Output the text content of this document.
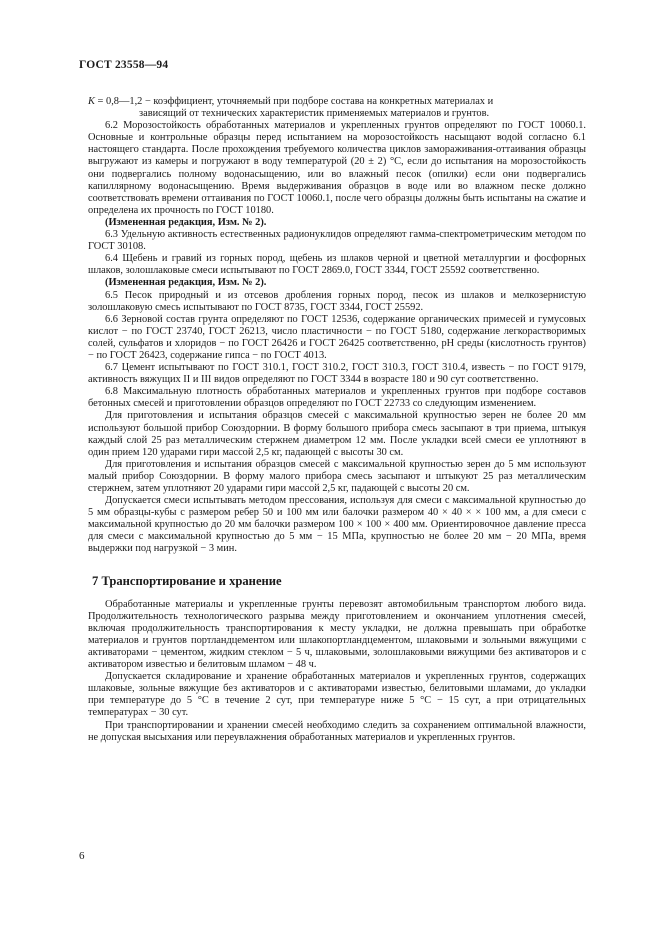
ГОСТ 23558—94

K = 0,8—1,2 − коэффициент, уточняемый при подборе состава на конкретных материалах и

зависящий от технических характеристик применяемых материалов и грунтов.

6.2 Морозостойкость обработанных материалов и укрепленных грунтов определяют по ГОСТ 10060.1. Основные и контрольные образцы перед испытанием на морозостойкость насыщают водой согласно 6.1 настоящего стандарта. После прохождения требуемого количества циклов замораживания-оттаивания образцы выгружают из камеры и погружают в воду температурой (20 ± 2) °С, если до испытания на морозостойкость они подвергались полному водонасыщению, или во влажный песок (опилки) если они подвергались капиллярному водонасыщению. Время выдерживания образцов в воде или во влажном песке должно соответствовать времени оттаивания по ГОСТ 10060.1, после чего образцы должны быть испытаны на сжатие и определена их прочность по ГОСТ 10180.

(Измененная редакция, Изм. № 2).

6.3 Удельную активность естественных радионуклидов определяют гамма-спектрометрическим методом по ГОСТ 30108.

6.4 Щебень и гравий из горных пород, щебень из шлаков черной и цветной металлургии и фосфорных шлаков, золошлаковые смеси испытывают по ГОСТ 2869.0, ГОСТ 3344, ГОСТ 25592 соответственно.

(Измененная редакция, Изм. № 2).

6.5 Песок природный и из отсевов дробления горных пород, песок из шлаков и мелкозернистую золошлаковую смесь испытывают по ГОСТ 8735, ГОСТ 3344, ГОСТ 25592.

6.6 Зерновой состав грунта определяют по ГОСТ 12536, содержание органических примесей и гумусовых кислот − по ГОСТ 23740, ГОСТ 26213, число пластичности − по ГОСТ 5180, содержание легкорастворимых солей, сульфатов и хлоридов − по ГОСТ 26426 и ГОСТ 26425 соответственно, рН среды (кислотность грунтов) − по ГОСТ 26423, содержание гипса − по ГОСТ 4013.

6.7 Цемент испытывают по ГОСТ 310.1, ГОСТ 310.2, ГОСТ 310.3, ГОСТ 310.4, известь − по ГОСТ 9179, активность вяжущих II и III видов определяют по ГОСТ 3344 в возрасте 180 и 90 сут соответственно.

6.8 Максимальную плотность обработанных материалов и укрепленных грунтов при подборе составов бетонных смесей и приготовлении образцов определяют по ГОСТ 22733 со следующим изменением.

Для приготовления и испытания образцов смесей с максимальной крупностью зерен не более 20 мм используют большой прибор Союздорнии. В форму большого прибора смесь засыпают в три приема, штыкуя каждый слой 25 раз металлическим стержнем диаметром 12 мм. После укладки всей смеси ее уплотняют в один прием 120 ударами гири массой 2,5 кг, падающей с высоты 30 см.

Для приготовления и испытания образцов смесей с максимальной крупностью зерен до 5 мм используют малый прибор Союздорнии. В форму малого прибора смесь засыпают и штыкуют 25 раз металлическим стержнем, затем уплотняют 20 ударами гири массой 2,5 кг, падающей с высоты 20 см.

Допускается смеси испытывать методом прессования, используя для смеси с максимальной крупностью до 5 мм образцы-кубы с размером ребер 50 и 100 мм или балочки размером 40 × 40 × × 100 мм, а для смеси с максимальной крупностью до 20 мм балочки размером 100 × 100 × 400 мм. Ориентировочное давление пресса для смеси с максимальной крупностью до 5 мм − 15 МПа, крупностью не более 20 мм − 20 МПа, время выдержки под нагрузкой − 3 мин.

7 Транспортирование и хранение

Обработанные материалы и укрепленные грунты перевозят автомобильным транспортом любого вида. Продолжительность технологического разрыва между приготовлением и окончанием уплотнения смесей, включая продолжительность транспортирования к месту укладки, не должна превышать при обработке материалов и грунтов портландцементом или шлакопортландцементом, шлаковыми и зольными вяжущими с активаторами − цементом, жидким стеклом − 5 ч, шлаковыми, золошлаковыми вяжущими без активаторов и с активатором известью и белитовым шламом − 48 ч.

Допускается складирование и хранение обработанных материалов и укрепленных грунтов, содержащих шлаковые, зольные вяжущие без активаторов и с активаторами известью, белитовыми шламами, до укладки при температуре до 5 °С в течение 2 сут, при температуре ниже 5 °С − 15 сут, а при отрицательных температурах − 30 сут.

При транспортировании и хранении смесей необходимо следить за сохранением оптимальной влажности, не допуская высыхания или переувлажнения обработанных материалов и укрепленных грунтов.

6
